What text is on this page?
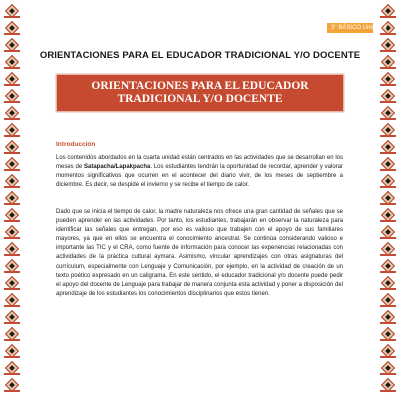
3° BÁSICO Unidad 4
ORIENTACIONES PARA EL EDUCADOR TRADICIONAL Y/O DOCENTE
ORIENTACIONES PARA EL EDUCADOR TRADICIONAL Y/O DOCENTE
Introducción

Los contenidos abordados en la cuarta unidad están centrados en las actividades que se desarrollan en los meses de Satapacha/Lapakpacha. Los estudiantes tendrán la oportunidad de recordar, aprender y valorar momentos significativos que ocurren en el acontecer del diario vivir, de los meses de septiembre a diciembre. Es decir, se despide el invierno y se recibe el tiempo de calor.

Dado que se inicia el tiempo de calor, la madre naturaleza nos ofrece una gran cantidad de señales que se pueden aprender en las actividades. Por tanto, los estudiantes, trabajarán en observar la naturaleza para identificar las señales que entregan, por eso es valioso que trabajen con el apoyo de sus familiares mayores, ya que en ellos se encuentra el conocimiento ancestral. Se continúa considerando valioso e importante las TIC y el CRA, como fuente de información para conocer las experiencias relacionadas con actividades de la práctica cultural aymara. Asimismo, vincular aprendizajes con otras asignaturas del currículum, especialmente con Lenguaje y Comunicación, por ejemplo, en la actividad de creación de un texto poético expresado en un caligrama. En este sentido, el educador tradicional y/o docente puede pedir el apoyo del docente de Lenguaje para trabajar de manera conjunta esta actividad y poner a disposición del aprendizaje de los estudiantes los conocimientos disciplinarios que estos tienen.
